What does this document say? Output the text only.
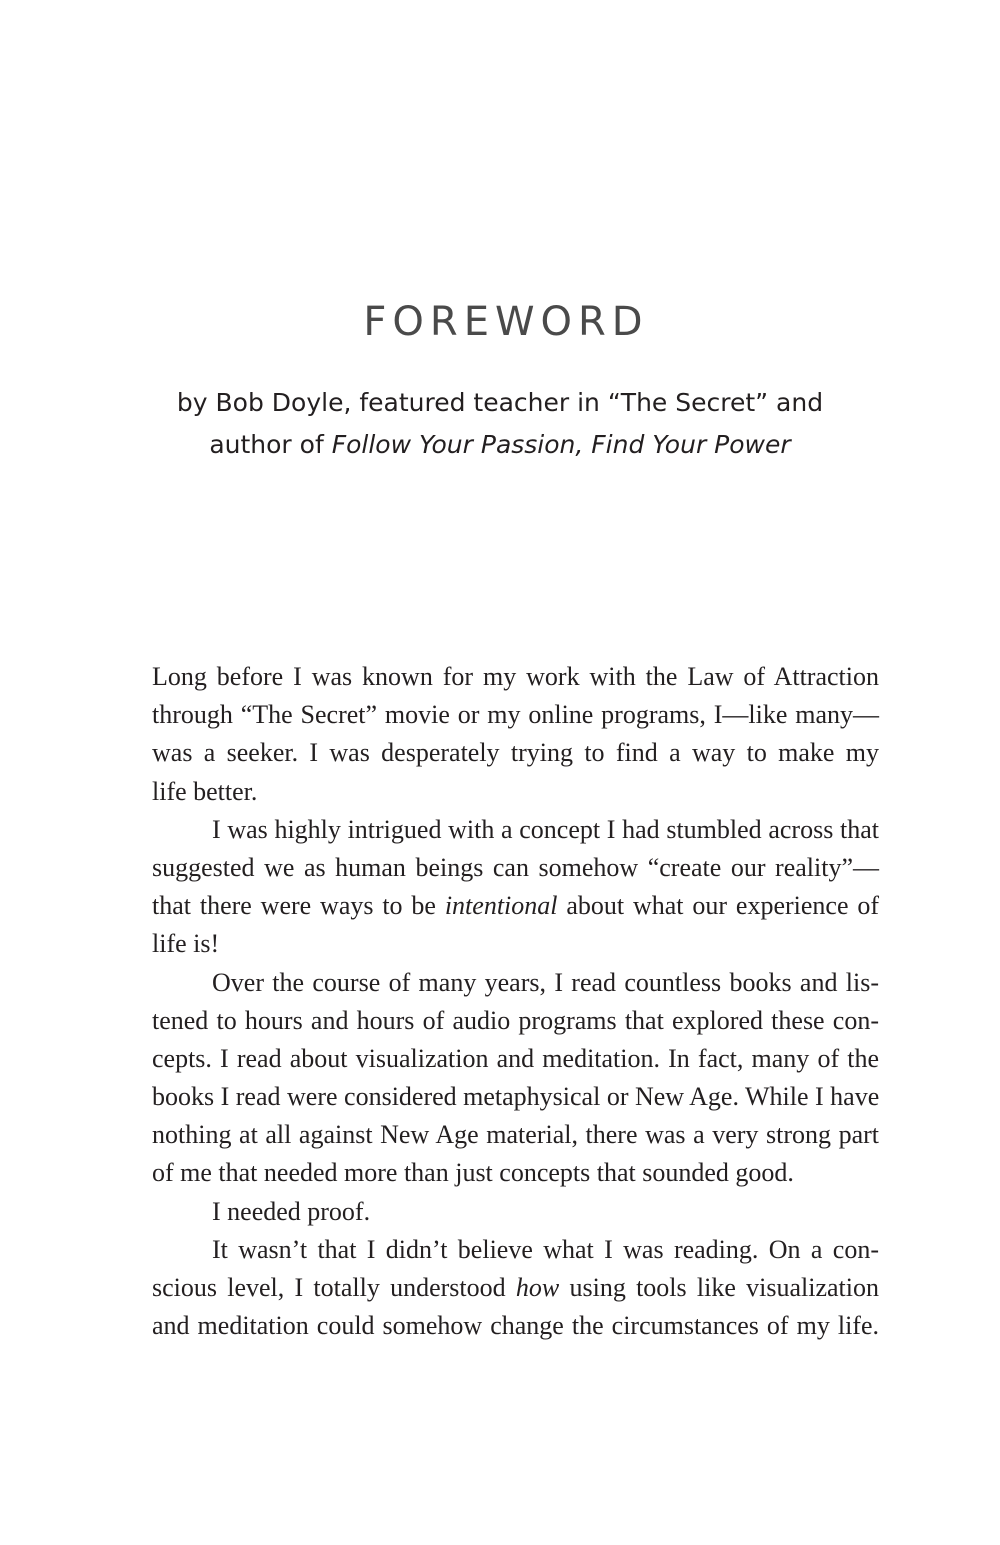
FOREWORD
by Bob Doyle, featured teacher in “The Secret” and
author of Follow Your Passion, Find Your Power
Long before I was known for my work with the Law of Attraction
through “The Secret” movie or my online programs, I—like many—
was a seeker. I was desperately trying to find a way to make my
life better.
I was highly intrigued with a concept I had stumbled across that
suggested we as human beings can somehow “create our reality”—
that there were ways to be intentional about what our experience of
life is!
Over the course of many years, I read countless books and lis-
tened to hours and hours of audio programs that explored these con-
cepts. I read about visualization and meditation. In fact, many of the
books I read were considered metaphysical or New Age. While I have
nothing at all against New Age material, there was a very strong part
of me that needed more than just concepts that sounded good.
I needed proof.
It wasn’t that I didn’t believe what I was reading. On a con-
scious level, I totally understood how using tools like visualization
and meditation could somehow change the circumstances of my life.
